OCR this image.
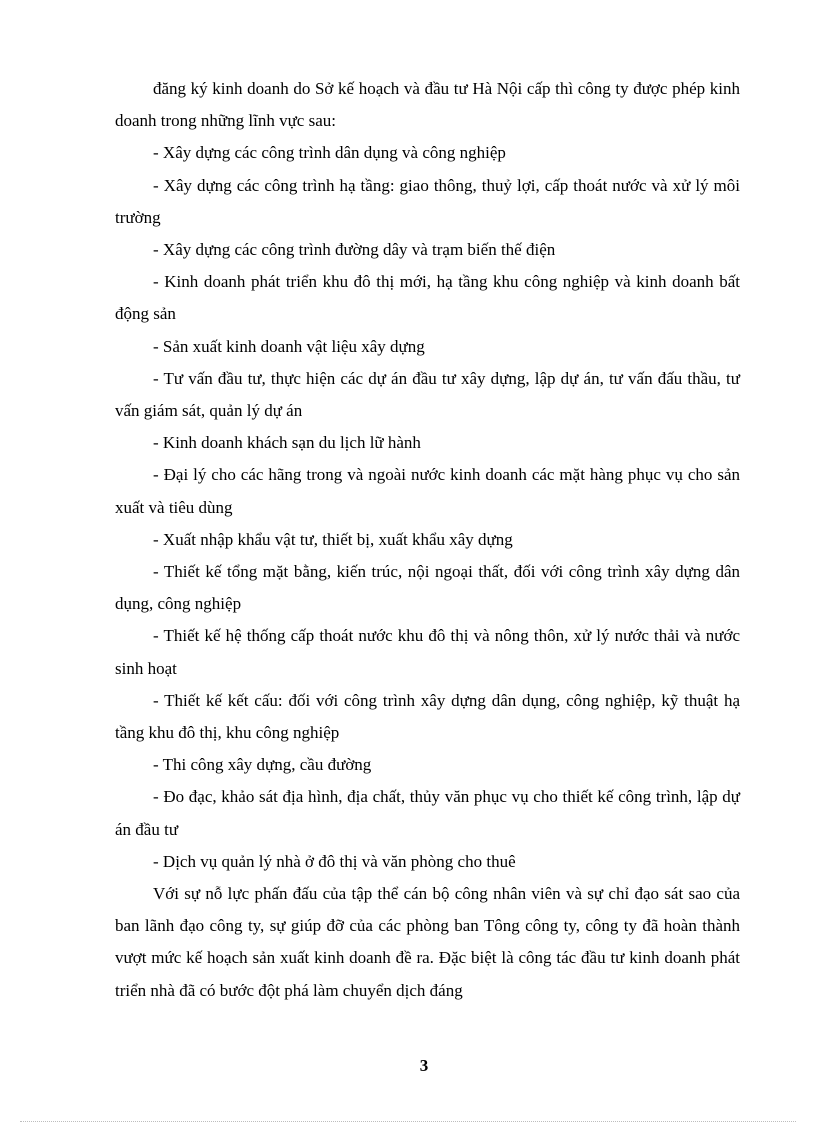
đăng ký kinh doanh do Sở kế hoạch và đầu tư Hà Nội cấp thì công ty được phép kinh doanh trong những lĩnh vực sau:

- Xây dựng các công trình dân dụng và công nghiệp

- Xây dựng các công trình hạ tầng: giao thông, thuỷ lợi, cấp thoát nước và xử lý môi trường

- Xây dựng các công trình đường dây và trạm biến thế điện

- Kinh doanh phát triển khu đô thị mới, hạ tầng khu công nghiệp và kinh doanh bất động sản

- Sản xuất kinh doanh vật liệu xây dựng

- Tư vấn đầu tư, thực hiện các dự án đầu tư xây dựng, lập dự án, tư vấn đấu thầu, tư vấn giám sát, quản lý dự án

- Kinh doanh khách sạn du lịch lữ hành

- Đại lý cho các hãng trong và ngoài nước kinh doanh các mặt hàng phục vụ cho sản xuất và tiêu dùng

- Xuất nhập khẩu vật tư, thiết bị, xuất khẩu xây dựng

- Thiết kế tổng mặt bằng, kiến trúc, nội ngoại thất, đối với công trình xây dựng dân dụng, công nghiệp

- Thiết kế hệ thống cấp thoát nước khu đô thị và nông thôn, xử lý nước thải và nước sinh hoạt

- Thiết kế kết cấu: đối với công trình xây dựng dân dụng, công nghiệp, kỹ thuật hạ tầng khu đô thị, khu công nghiệp

- Thi công xây dựng, cầu đường

- Đo đạc, khảo sát địa hình, địa chất, thủy văn phục vụ cho thiết kế công trình, lập dự án đầu tư

- Dịch vụ quản lý nhà ở đô thị và văn phòng cho thuê

Với sự nỗ lực phấn đấu của tập thể cán bộ công nhân viên và sự chỉ đạo sát sao của ban lãnh đạo công ty, sự giúp đỡ của các phòng ban Tông công ty, công ty đã hoàn thành vượt mức kế hoạch sản xuất kinh doanh đề ra. Đặc biệt là công tác đầu tư kinh doanh phát triển nhà đã có bước đột phá làm chuyển dịch đáng

3
